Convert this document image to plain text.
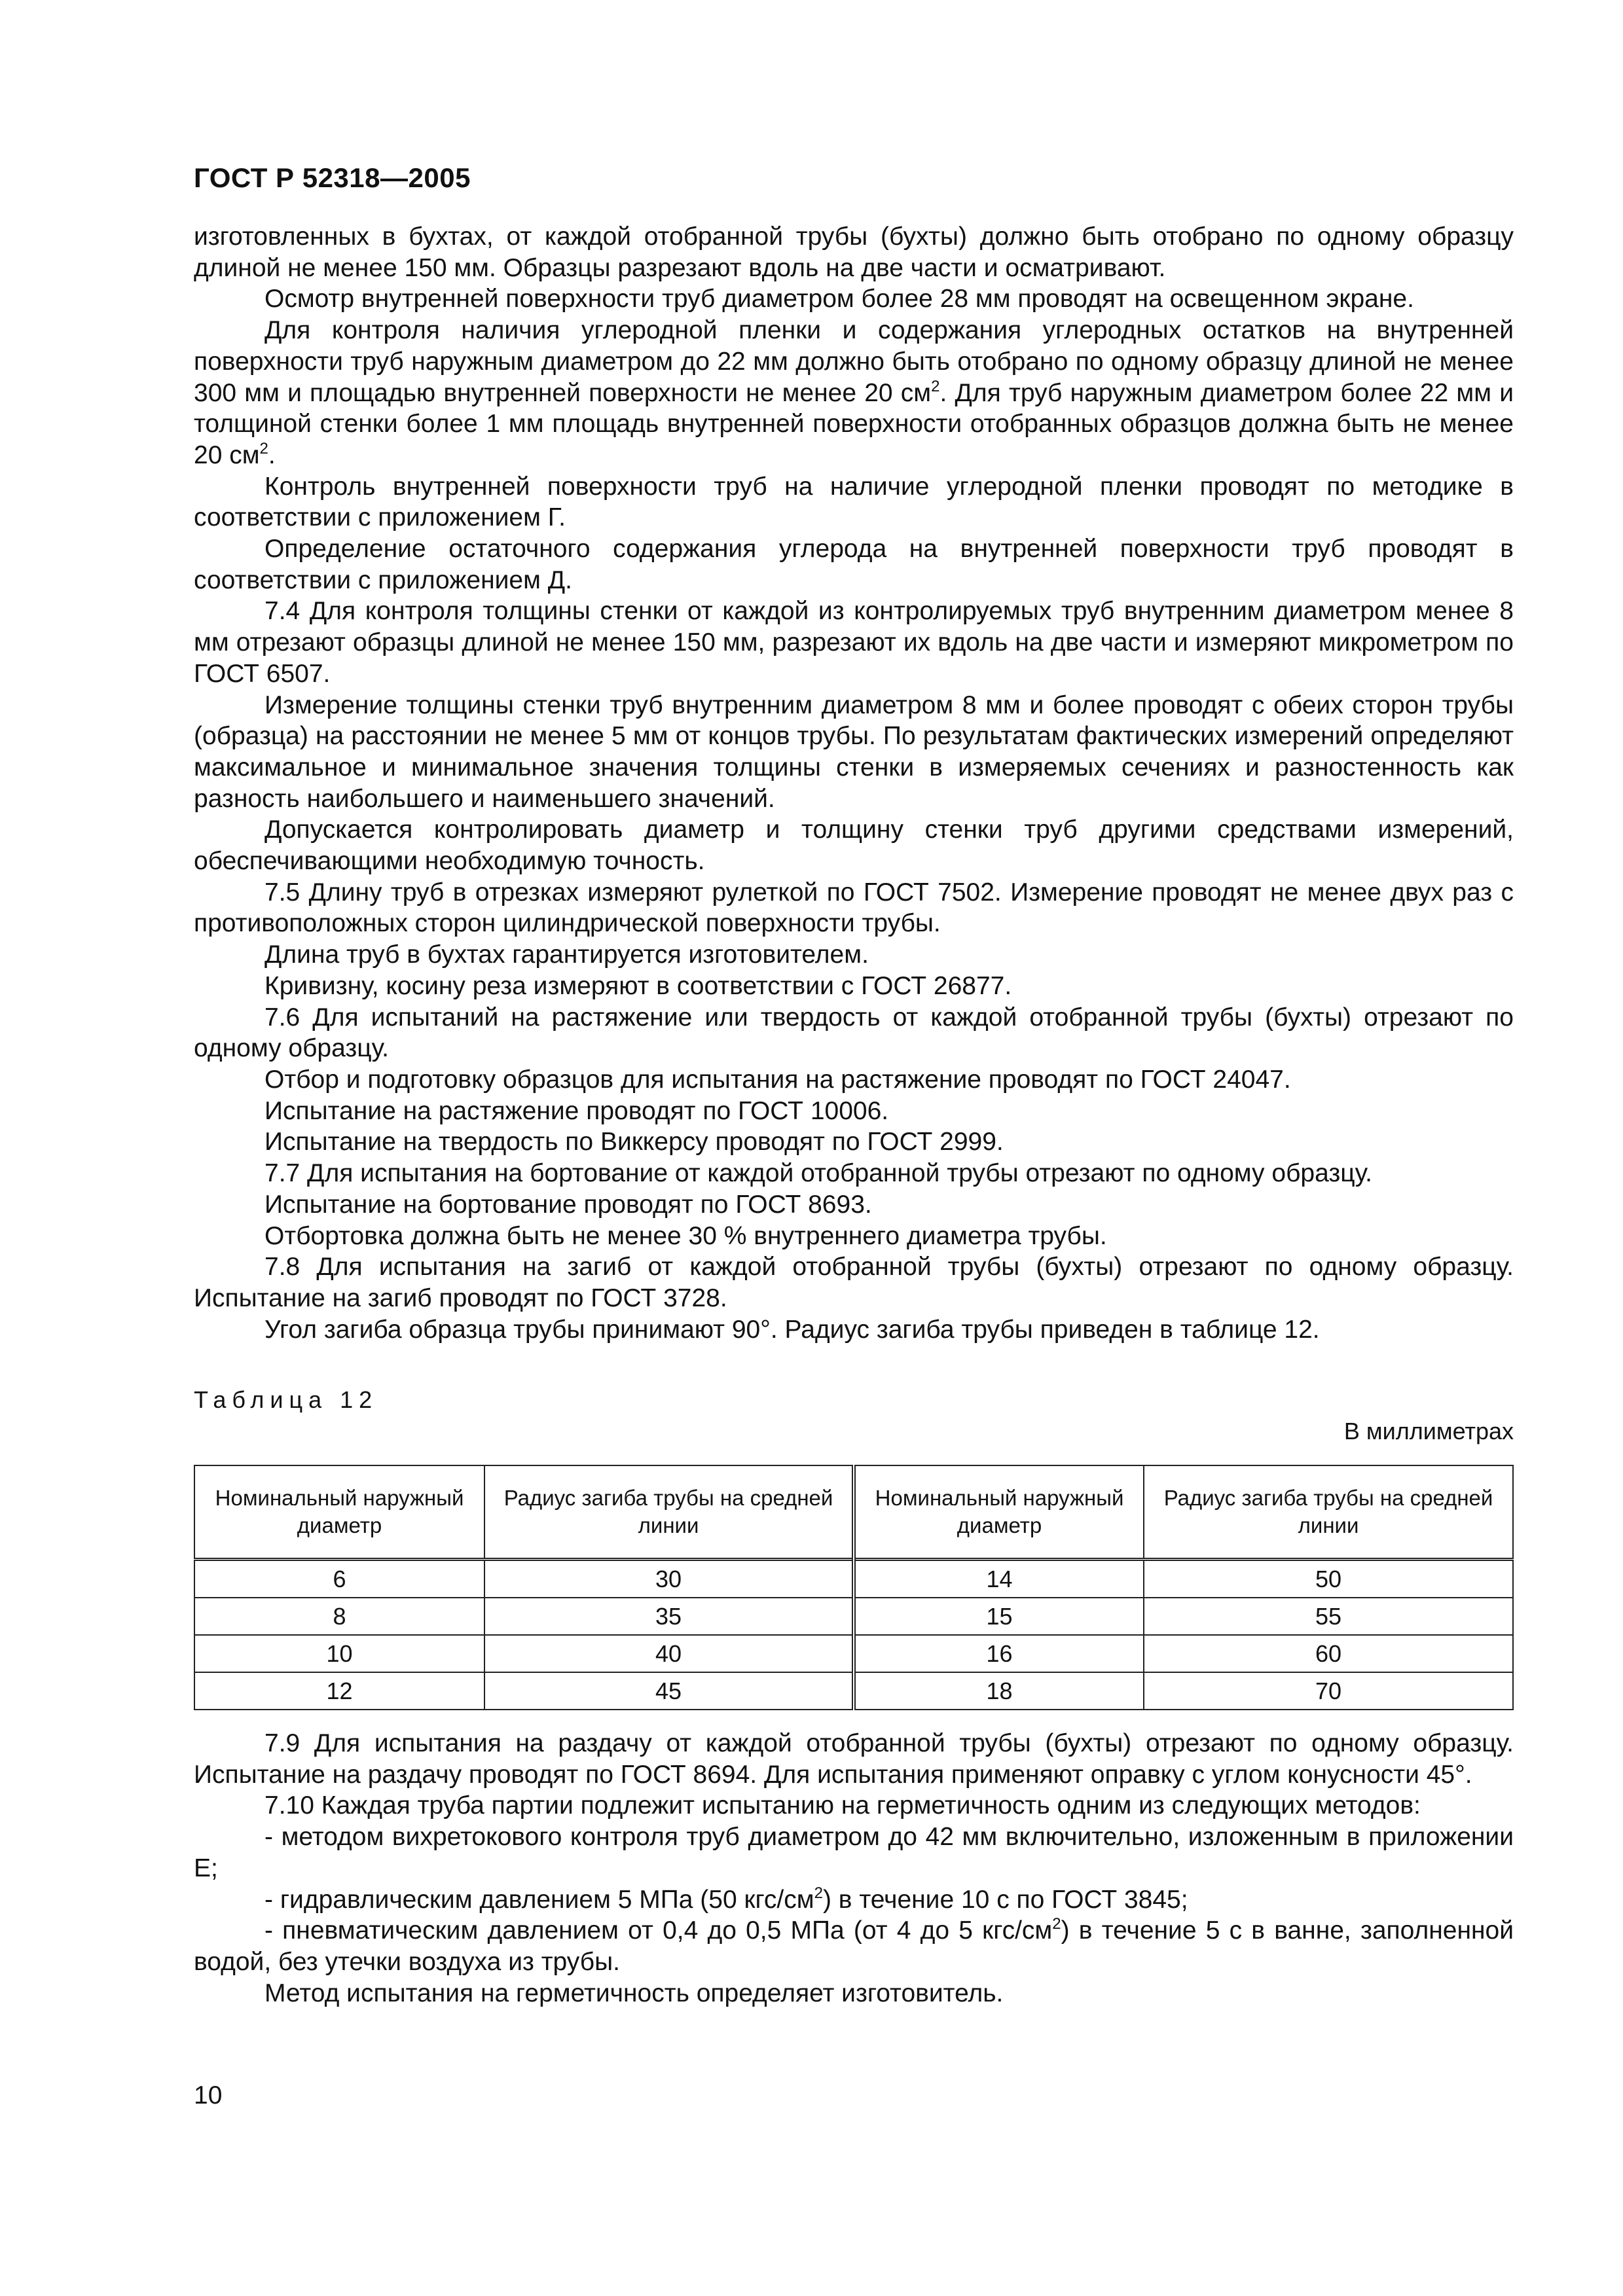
ГОСТ Р 52318—2005

изготовленных в бухтах, от каждой отобранной трубы (бухты) должно быть отобрано по одному образцу длиной не менее 150 мм. Образцы разрезают вдоль на две части и осматривают.

Осмотр внутренней поверхности труб диаметром более 28 мм проводят на освещенном экране.

Для контроля наличия углеродной пленки и содержания углеродных остатков на внутренней поверхности труб наружным диаметром до 22 мм должно быть отобрано по одному образцу длиной не менее 300 мм и площадью внутренней поверхности не менее 20 $см^2$. Для труб наружным диаметром более 22 мм и толщиной стенки более 1 мм площадь внутренней поверхности отобранных образцов должна быть не менее 20 $см^2$.

Контроль внутренней поверхности труб на наличие углеродной пленки проводят по методике в соответствии с приложением Г.

Определение остаточного содержания углерода на внутренней поверхности труб проводят в соответствии с приложением Д.

7.4 Для контроля толщины стенки от каждой из контролируемых труб внутренним диаметром менее 8 мм отрезают образцы длиной не менее 150 мм, разрезают их вдоль на две части и измеряют микрометром по ГОСТ 6507.

Измерение толщины стенки труб внутренним диаметром 8 мм и более проводят с обеих сторон трубы (образца) на расстоянии не менее 5 мм от концов трубы. По результатам фактических измерений определяют максимальное и минимальное значения толщины стенки в измеряемых сечениях и разностенность как разность наибольшего и наименьшего значений.

Допускается контролировать диаметр и толщину стенки труб другими средствами измерений, обеспечивающими необходимую точность.

7.5 Длину труб в отрезках измеряют рулеткой по ГОСТ 7502. Измерение проводят не менее двух раз с противоположных сторон цилиндрической поверхности трубы.

Длина труб в бухтах гарантируется изготовителем.

Кривизну, косину реза измеряют в соответствии с ГОСТ 26877.

7.6 Для испытаний на растяжение или твердость от каждой отобранной трубы (бухты) отрезают по одному образцу.

Отбор и подготовку образцов для испытания на растяжение проводят по ГОСТ 24047.

Испытание на растяжение проводят по ГОСТ 10006.

Испытание на твердость по Виккерсу проводят по ГОСТ 2999.

7.7 Для испытания на бортование от каждой отобранной трубы отрезают по одному образцу.

Испытание на бортование проводят по ГОСТ 8693.

Отбортовка должна быть не менее 30 % внутреннего диаметра трубы.

7.8 Для испытания на загиб от каждой отобранной трубы (бухты) отрезают по одному образцу. Испытание на загиб проводят по ГОСТ 3728.

Угол загиба образца трубы принимают 90°. Радиус загиба трубы приведен в таблице 12.

Таблица 12
В миллиметрах
Номинальный наружный диаметр	Радиус загиба трубы на средней линии	Номинальный наружный диаметр	Радиус загиба трубы на средней линии
6	30	14	50
8	35	15	55
10	40	16	60
12	45	18	70

7.9 Для испытания на раздачу от каждой отобранной трубы (бухты) отрезают по одному образцу. Испытание на раздачу проводят по ГОСТ 8694. Для испытания применяют оправку с углом конусности 45°.

7.10 Каждая труба партии подлежит испытанию на герметичность одним из следующих методов:

- методом вихретокового контроля труб диаметром до 42 мм включительно, изложенным в приложении Е;

- гидравлическим давлением 5 МПа (50 кгс/$см^2$) в течение 10 с по ГОСТ 3845;

- пневматическим давлением от 0,4 до 0,5 МПа (от 4 до 5 кгс/$см^2$) в течение 5 с в ванне, заполненной водой, без утечки воздуха из трубы.

Метод испытания на герметичность определяет изготовитель.

10
